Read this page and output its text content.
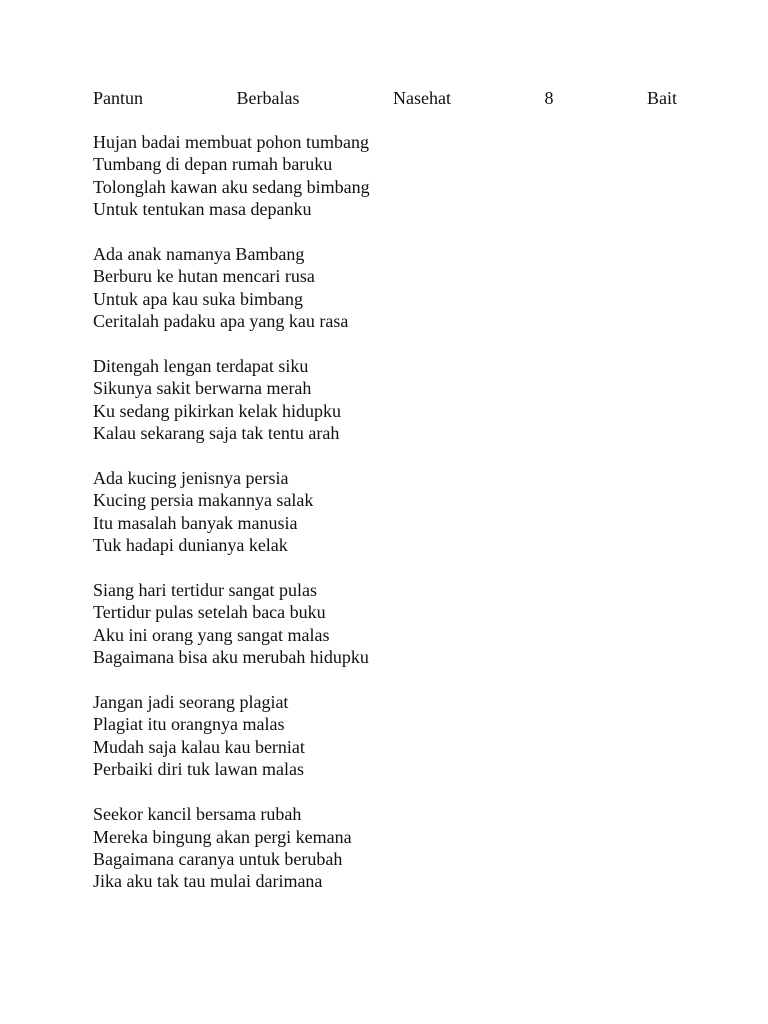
Pantun	Berbalas	Nasehat	8	Bait
Hujan badai membuat pohon tumbang
Tumbang di depan rumah baruku
Tolonglah kawan aku sedang bimbang
Untuk tentukan masa depanku
Ada anak namanya Bambang
Berburu ke hutan mencari rusa
Untuk apa kau suka bimbang
Ceritalah padaku apa yang kau rasa
Ditengah lengan terdapat siku
Sikunya sakit berwarna merah
Ku sedang pikirkan kelak hidupku
Kalau sekarang saja tak tentu arah
Ada kucing jenisnya persia
Kucing persia makannya salak
Itu masalah banyak manusia
Tuk hadapi dunianya kelak
Siang hari tertidur sangat pulas
Tertidur pulas setelah baca buku
Aku ini orang yang sangat malas
Bagaimana bisa aku merubah hidupku
Jangan jadi seorang plagiat
Plagiat itu orangnya malas
Mudah saja kalau kau berniat
Perbaiki diri tuk lawan malas
Seekor kancil bersama rubah
Mereka bingung akan pergi kemana
Bagaimana caranya untuk berubah
Jika aku tak tau mulai darimana
